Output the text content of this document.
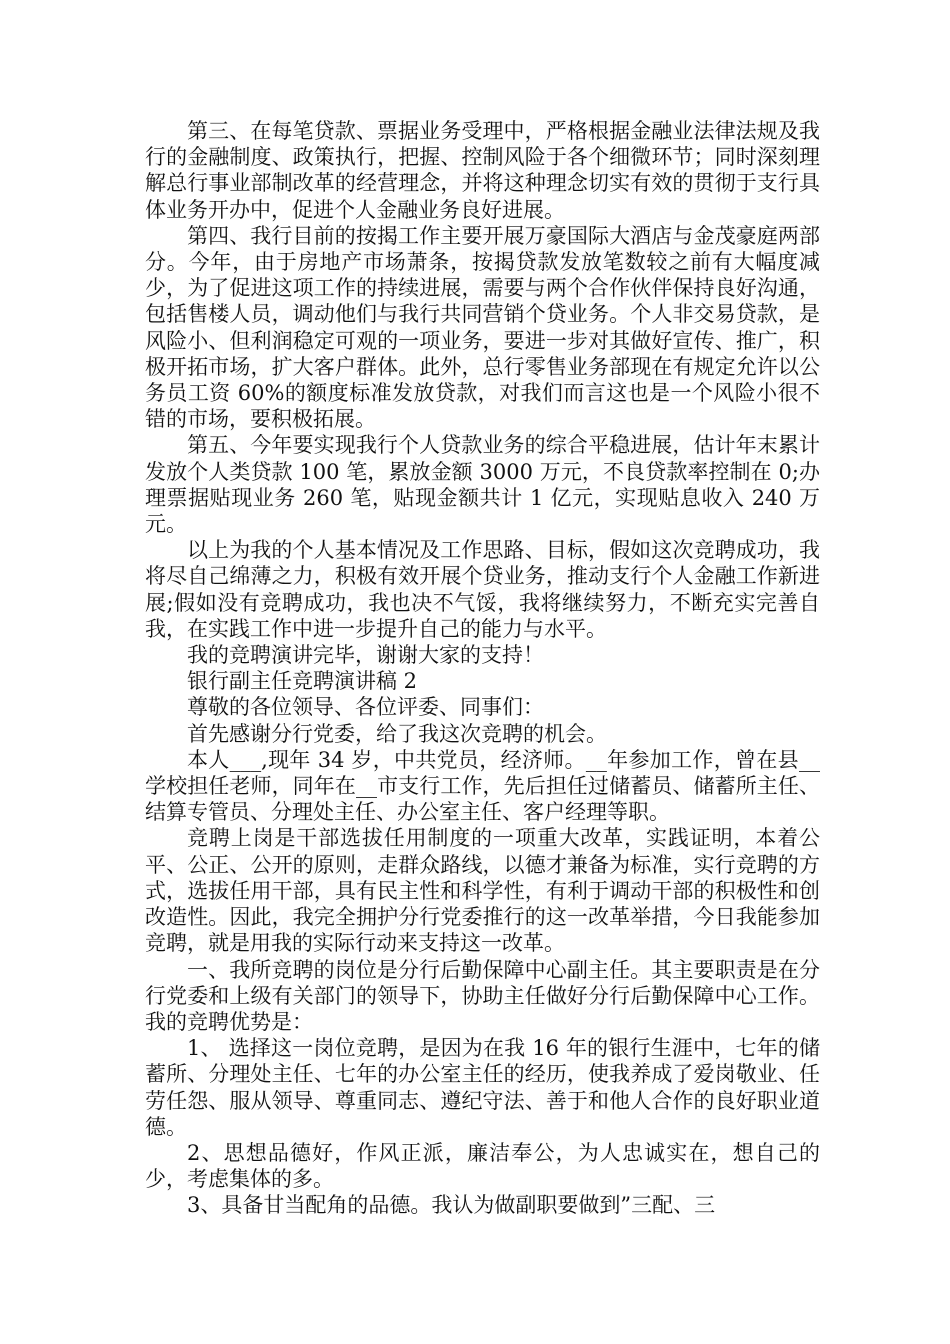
第三、在每笔贷款、票据业务受理中，严格根据金融业法律法规及我行的金融制度、政策执行，把握、控制风险于各个细微环节；同时深刻理解总行事业部制改革的经营理念，并将这种理念切实有效的贯彻于支行具体业务开办中，促进个人金融业务良好进展。

第四、我行目前的按揭工作主要开展万豪国际大酒店与金茂豪庭两部分。今年，由于房地产市场萧条，按揭贷款发放笔数较之前有大幅度减少，为了促进这项工作的持续进展，需要与两个合作伙伴保持良好沟通，包括售楼人员，调动他们与我行共同营销个贷业务。个人非交易贷款，是风险小、但利润稳定可观的一项业务，要进一步对其做好宣传、推广，积极开拓市场，扩大客户群体。此外，总行零售业务部现在有规定允许以公务员工资 60%的额度标准发放贷款，对我们而言这也是一个风险小很不错的市场，要积极拓展。

第五、今年要实现我行个人贷款业务的综合平稳进展，估计年末累计发放个人类贷款 100 笔，累放金额 3000 万元，不良贷款率控制在 0;办理票据贴现业务 260 笔，贴现金额共计 1 亿元，实现贴息收入 240 万元。

以上为我的个人基本情况及工作思路、目标，假如这次竞聘成功，我将尽自己绵薄之力，积极有效开展个贷业务，推动支行个人金融工作新进展;假如没有竞聘成功，我也决不气馁，我将继续努力，不断充实完善自我，在实践工作中进一步提升自己的能力与水平。

我的竞聘演讲完毕，谢谢大家的支持！

银行副主任竞聘演讲稿 2

尊敬的各位领导、各位评委、同事们：

首先感谢分行党委，给了我这次竞聘的机会。

本人___,现年 34 岁，中共党员，经济师。__年参加工作，曾在县__学校担任老师，同年在__市支行工作，先后担任过储蓄员、储蓄所主任、结算专管员、分理处主任、办公室主任、客户经理等职。

竞聘上岗是干部选拔任用制度的一项重大改革，实践证明，本着公平、公正、公开的原则，走群众路线，以德才兼备为标准，实行竞聘的方式，选拔任用干部，具有民主性和科学性，有利于调动干部的积极性和创改造性。因此，我完全拥护分行党委推行的这一改革举措，今日我能参加竞聘，就是用我的实际行动来支持这一改革。

一、我所竞聘的岗位是分行后勤保障中心副主任。其主要职责是在分行党委和上级有关部门的领导下，协助主任做好分行后勤保障中心工作。我的竞聘优势是：

1、 选择这一岗位竞聘，是因为在我 16 年的银行生涯中，七年的储蓄所、分理处主任、七年的办公室主任的经历，使我养成了爱岗敬业、任劳任怨、服从领导、尊重同志、遵纪守法、善于和他人合作的良好职业道德。

2、思想品德好，作风正派，廉洁奉公，为人忠诚实在，想自己的少，考虑集体的多。

3、具备甘当配角的品德。我认为做副职要做到”三配、三
